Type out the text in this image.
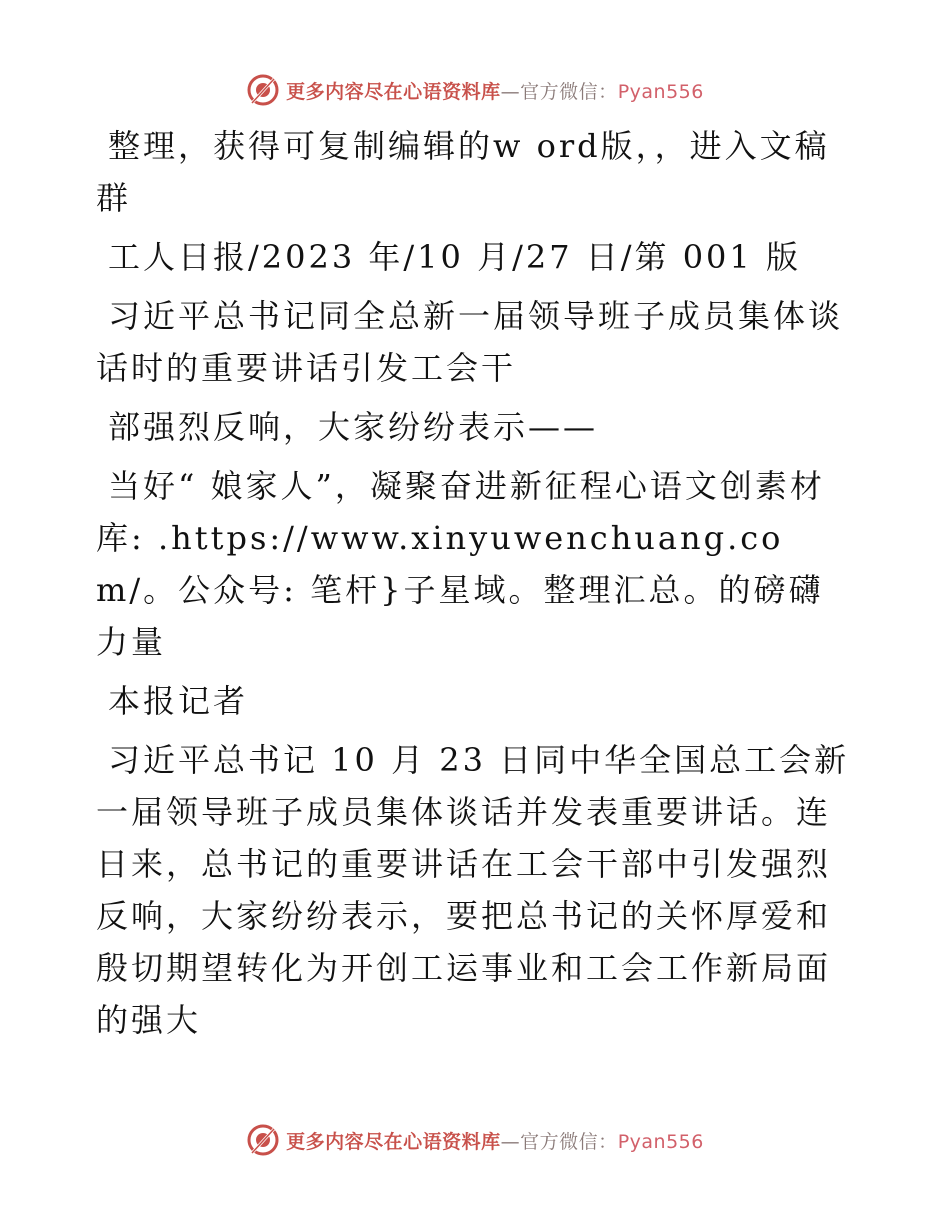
更多内容尽在心语资料库—官方微信：Pyan556

整理，获得可复制编辑的w ord版，，进入文稿群

工人日报/2023 年/10 月/27 日/第 001 版

习近平总书记同全总新一届领导班子成员集体谈话时的重要讲话引发工会干

部强烈反响，大家纷纷表示——

当好“ 娘家人”，凝聚奋进新征程心语文创素材库: .https://www.xinyuwenchuang.com/。公众号: 笔杆}子星域。整理汇总。的磅礴力量

本报记者

习近平总书记 10 月 23 日同中华全国总工会新一届领导班子成员集体谈话并发表重要讲话。连日来，总书记的重要讲话在工会干部中引发强烈反响，大家纷纷表示，要把总书记的关怀厚爱和殷切期望转化为开创工运事业和工会工作新局面的强大

更多内容尽在心语资料库—官方微信：Pyan556
